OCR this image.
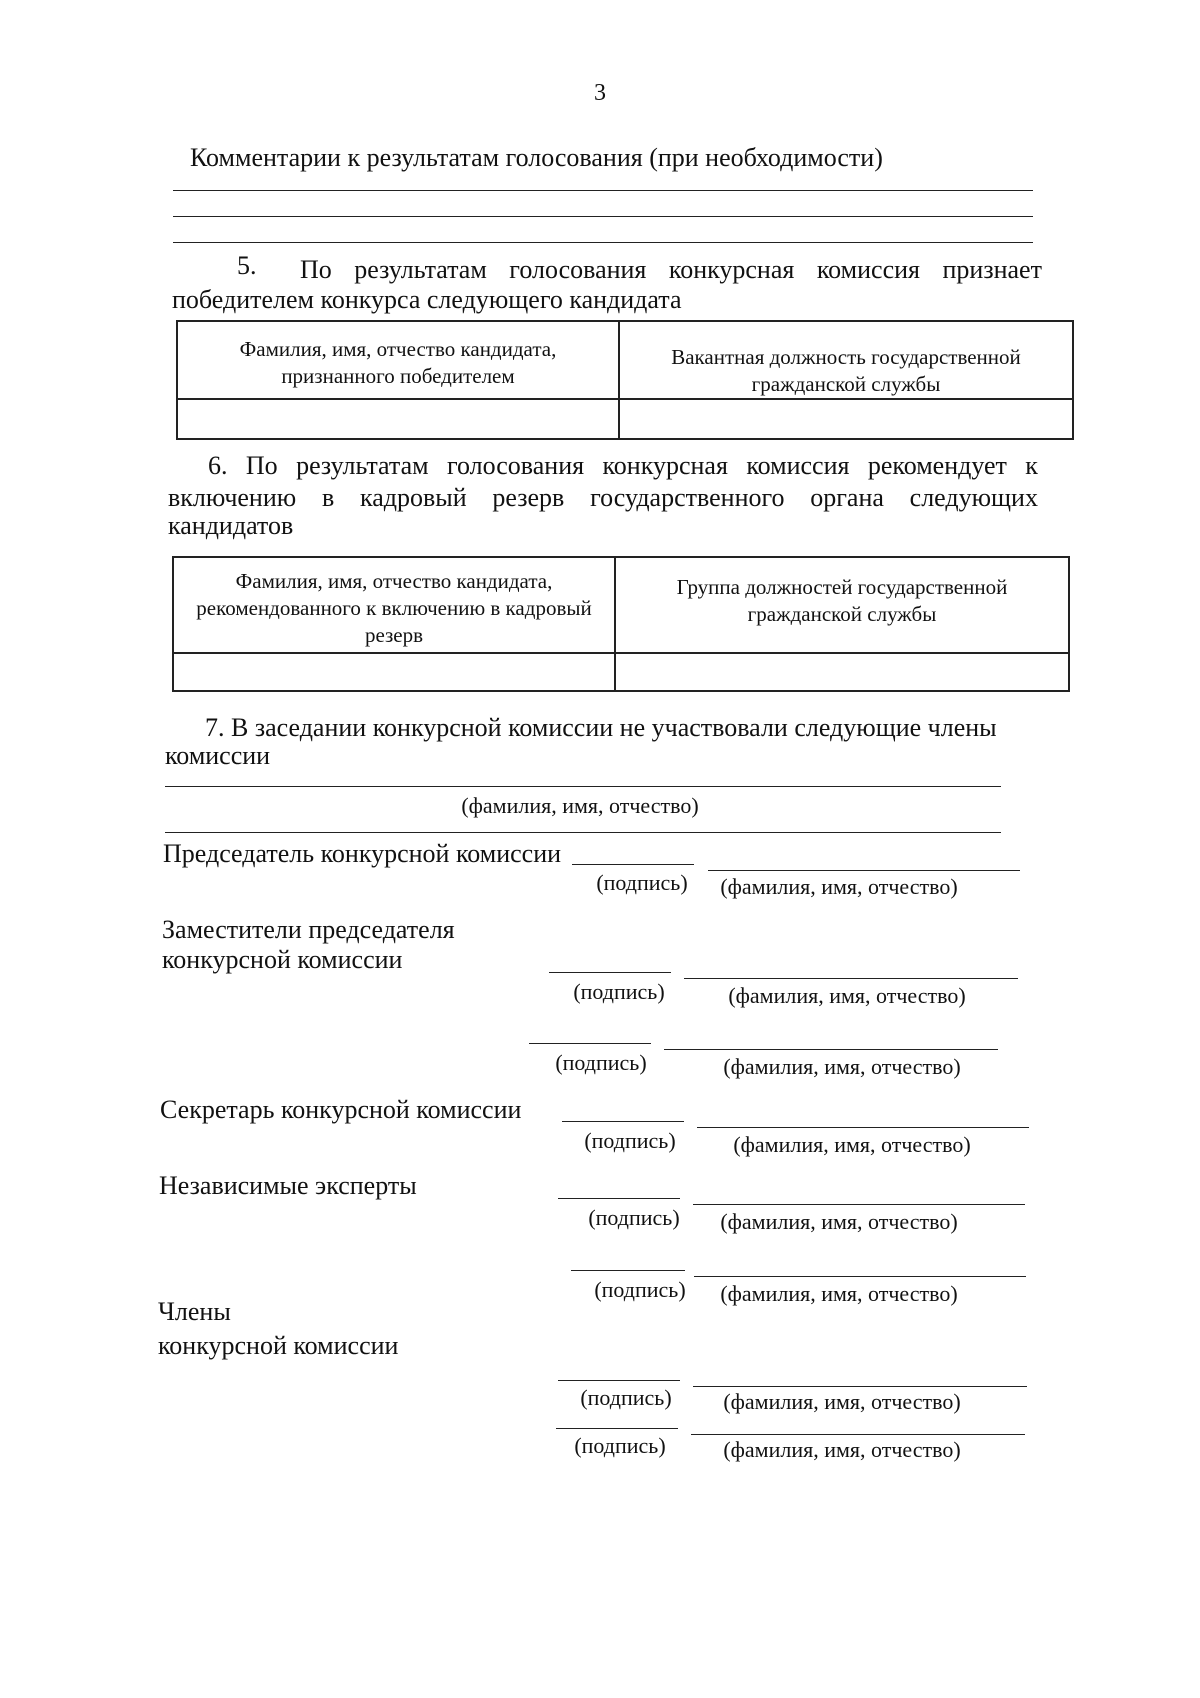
3
Комментарии к результатам голосования (при необходимости)
5. По результатам голосования конкурсная комиссия признает
победителем конкурса следующего кандидата
Фамилия, имя, отчество кандидата, признанного победителем	Вакантная должность государственной гражданской службы

6. По результатам голосования конкурсная комиссия рекомендует к
включению в кадровый резерв государственного органа следующих
кандидатов
Фамилия, имя, отчество кандидата, рекомендованного к включению в кадровый резерв	Группа должностей государственной гражданской службы

7. В заседании конкурсной комиссии не участвовали следующие члены
комиссии
(фамилия, имя, отчество)
Председатель конкурсной комиссии
(подпись)	(фамилия, имя, отчество)
Заместители председателя
конкурсной комиссии
(подпись)	(фамилия, имя, отчество)
(подпись)	(фамилия, имя, отчество)
Секретарь конкурсной комиссии
(подпись)	(фамилия, имя, отчество)
Независимые эксперты
(подпись)	(фамилия, имя, отчество)
(подпись)	(фамилия, имя, отчество)
Члены
конкурсной комиссии
(подпись)	(фамилия, имя, отчество)
(подпись)	(фамилия, имя, отчество)
